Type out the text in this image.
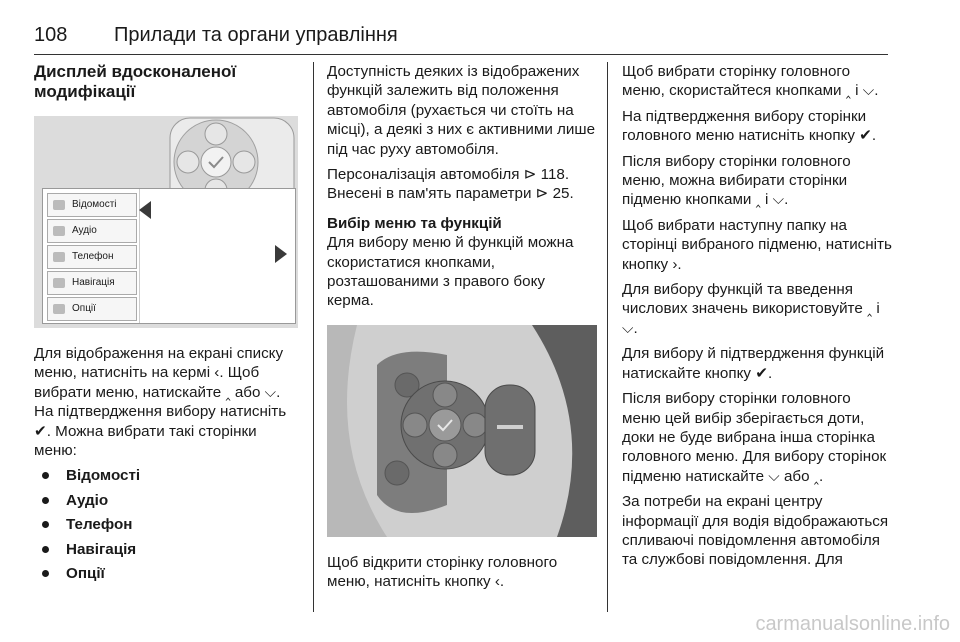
108 Прилади та органи управління
Дисплей вдосконаленої модифікації
Відомості
Аудіо
Телефон
Навігація
Опції

Для відображення на екрані списку меню, натисніть на кермі ‹. Щоб вибрати меню, натискайте ‸ або ⌵. На підтвердження вибору натисніть ✔. Можна вибрати такі сторінки меню:

Відомості
Аудіо
Телефон
Навігація
Опції

Доступність деяких із відображених функцій залежить від положення автомобіля (рухається чи стоїть на місці), а деякі з них є активними лише під час руху автомобіля.

Персоналізація автомобіля ⊳ 118.
Внесені в пам'ять параметри ⊳ 25.

Вибір меню та функцій

Для вибору меню й функцій можна скористатися кнопками, розташованими з правого боку керма.

Щоб відкрити сторінку головного меню, натисніть кнопку ‹.

Щоб вибрати сторінку головного меню, скористайтеся кнопками ‸ і ⌵.

На підтвердження вибору сторінки головного меню натисніть кнопку ✔.

Після вибору сторінки головного меню, можна вибирати сторінки підменю кнопками ‸ і ⌵.

Щоб вибрати наступну папку на сторінці вибраного підменю, натисніть кнопку ›.

Для вибору функцій та введення числових значень використовуйте ‸ і ⌵.

Для вибору й підтвердження функцій натискайте кнопку ✔.

Після вибору сторінки головного меню цей вибір зберігається доти, доки не буде вибрана інша сторінка головного меню. Для вибору сторінок підменю натискайте ⌵ або ‸.

За потреби на екрані центру інформації для водія відображаються спливаючі повідомлення автомобіля та службові повідомлення. Для

carmanualsonline.info
